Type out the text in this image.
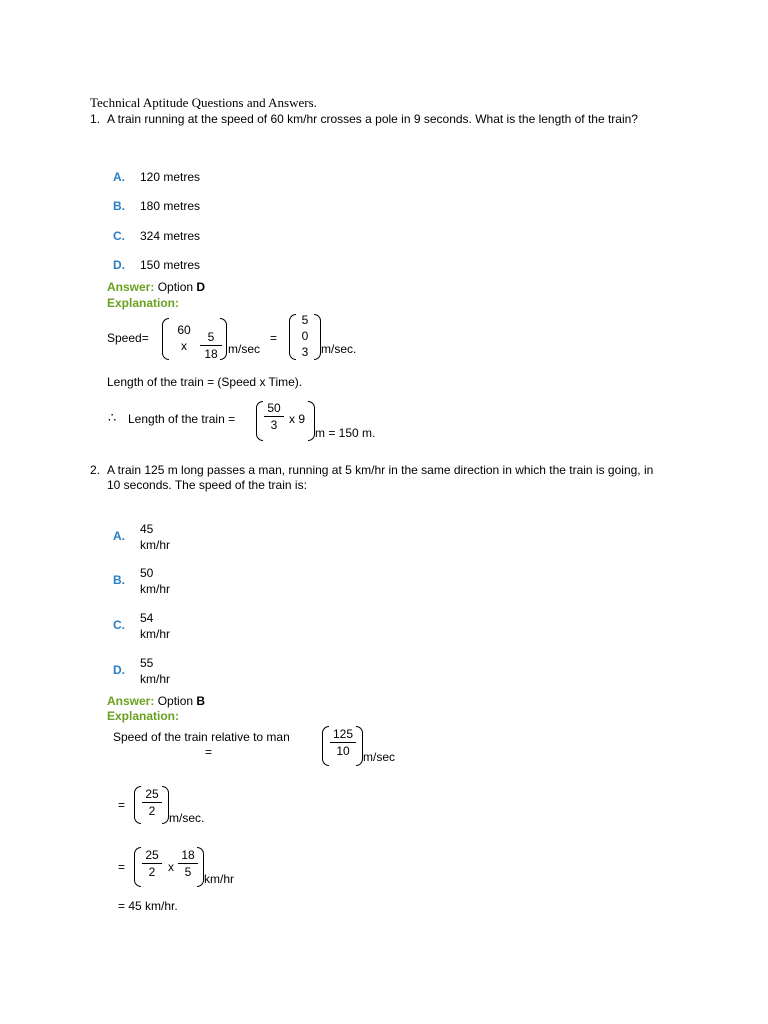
Technical Aptitude Questions and Answers.
1. A train running at the speed of 60 km/hr crosses a pole in 9 seconds. What is the length of the train?
A. 120 metres
B. 180 metres
C. 324 metres
D. 150 metres
Answer: Option D
Explanation:
Speed=
60
x	$\frac{5}{18} m/\sec$
=
5
0
3	m/sec.
Length of the train = (Speed x Time).
∴ Length of the train = $\frac{50}{3}$ x 9
m = 150 m.
2. A train 125 m long passes a man, running at 5 km/hr in the same direction in which the train is going, in 10 seconds. The speed of the train is:
A. 45
km/hr
B. 50
km/hr
C. 54
km/hr
D. 55
km/hr
Answer: Option B
Explanation:
Speed of the train relative to man
=	$\frac{125}{10} m/\sec$
= $\frac{25}{2} m/\sec$.
= $\frac{25}{2}$ x $\frac{18}{5} km/hr$
= 45 km/hr.
